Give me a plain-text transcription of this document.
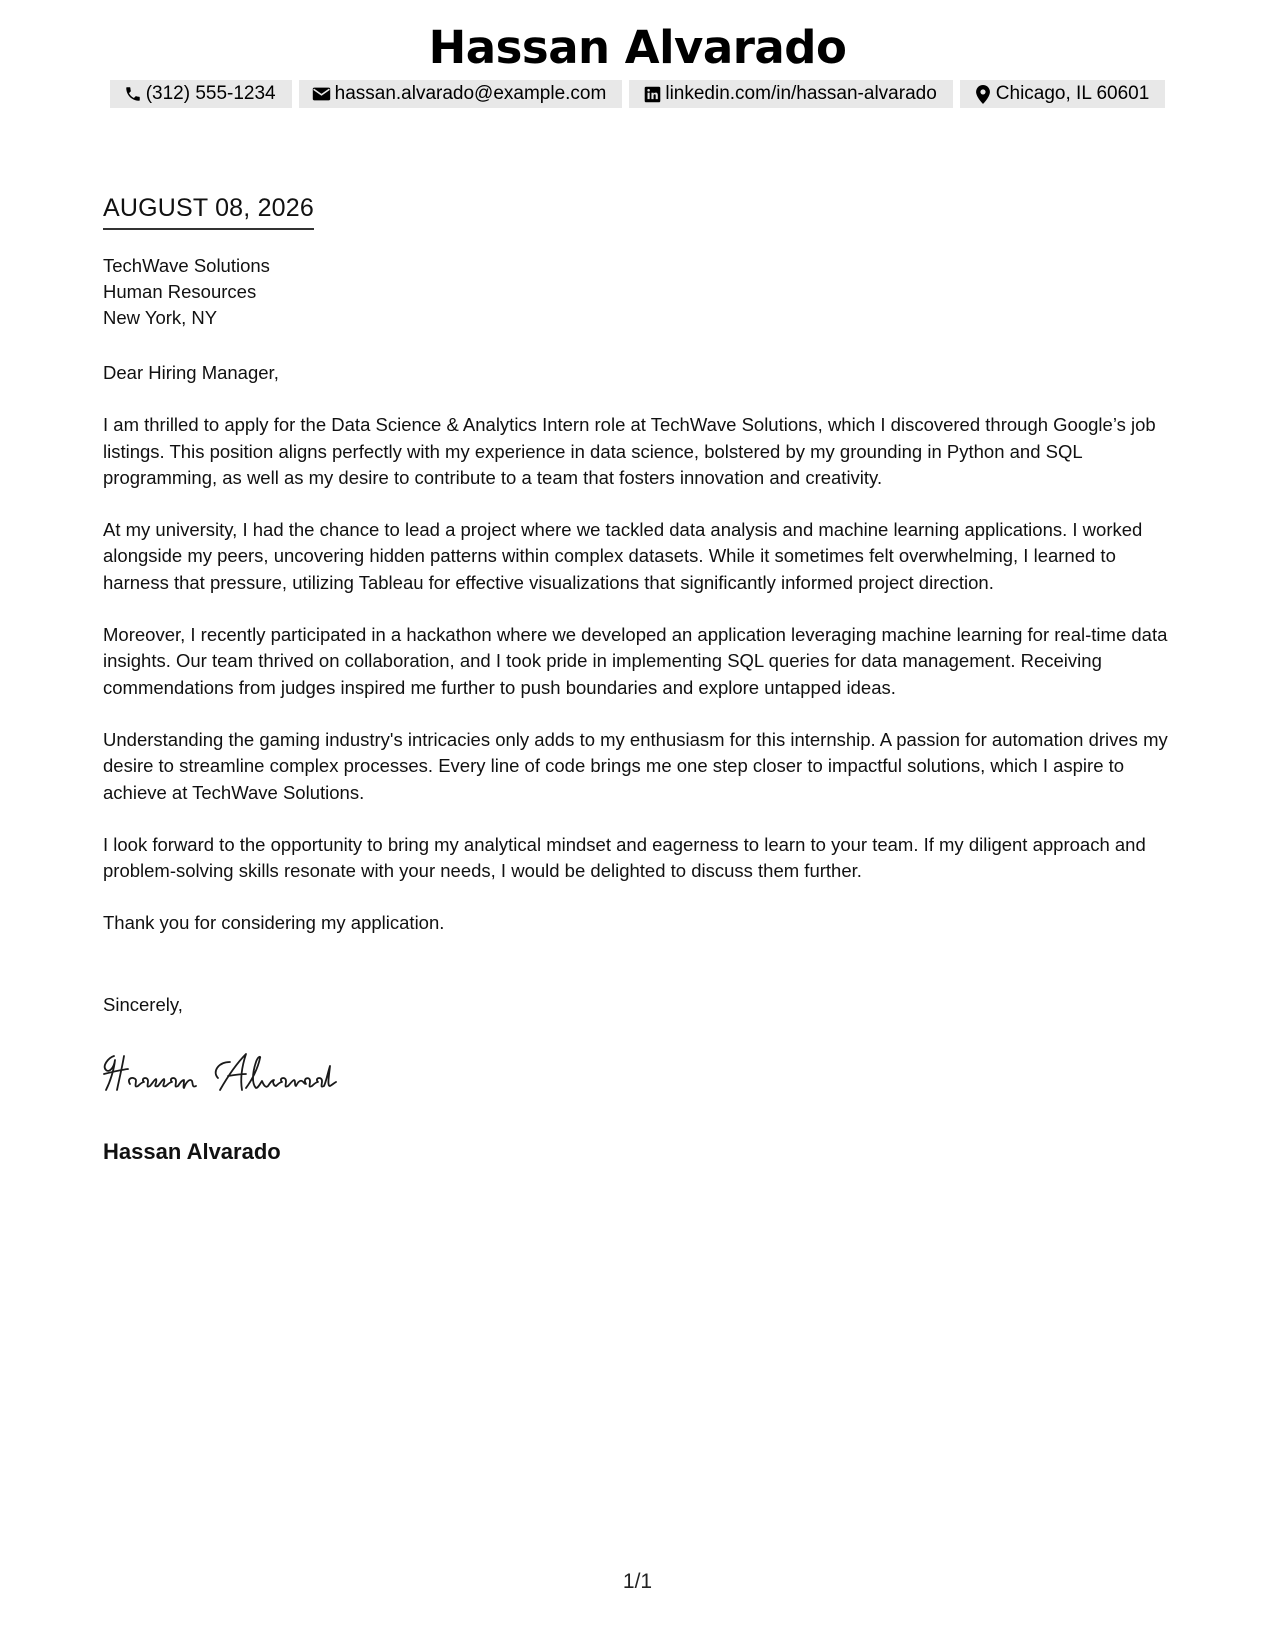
Hassan Alvarado
(312) 555-1234	hassan.alvarado@example.com	linkedin.com/in/hassan-alvarado	Chicago, IL 60601
AUGUST 08, 2026
TechWave Solutions
Human Resources
New York, NY

Dear Hiring Manager,

I am thrilled to apply for the Data Science & Analytics Intern role at TechWave Solutions, which I discovered through Google’s job listings. This position aligns perfectly with my experience in data science, bolstered by my grounding in Python and SQL programming, as well as my desire to contribute to a team that fosters innovation and creativity.

At my university, I had the chance to lead a project where we tackled data analysis and machine learning applications. I worked alongside my peers, uncovering hidden patterns within complex datasets. While it sometimes felt overwhelming, I learned to harness that pressure, utilizing Tableau for effective visualizations that significantly informed project direction.

Moreover, I recently participated in a hackathon where we developed an application leveraging machine learning for real-time data insights. Our team thrived on collaboration, and I took pride in implementing SQL queries for data management. Receiving commendations from judges inspired me further to push boundaries and explore untapped ideas.

Understanding the gaming industry's intricacies only adds to my enthusiasm for this internship. A passion for automation drives my desire to streamline complex processes. Every line of code brings me one step closer to impactful solutions, which I aspire to achieve at TechWave Solutions.

I look forward to the opportunity to bring my analytical mindset and eagerness to learn to your team. If my diligent approach and problem-solving skills resonate with your needs, I would be delighted to discuss them further.

Thank you for considering my application.

Sincerely,
Hassan Alvarado
1/1
